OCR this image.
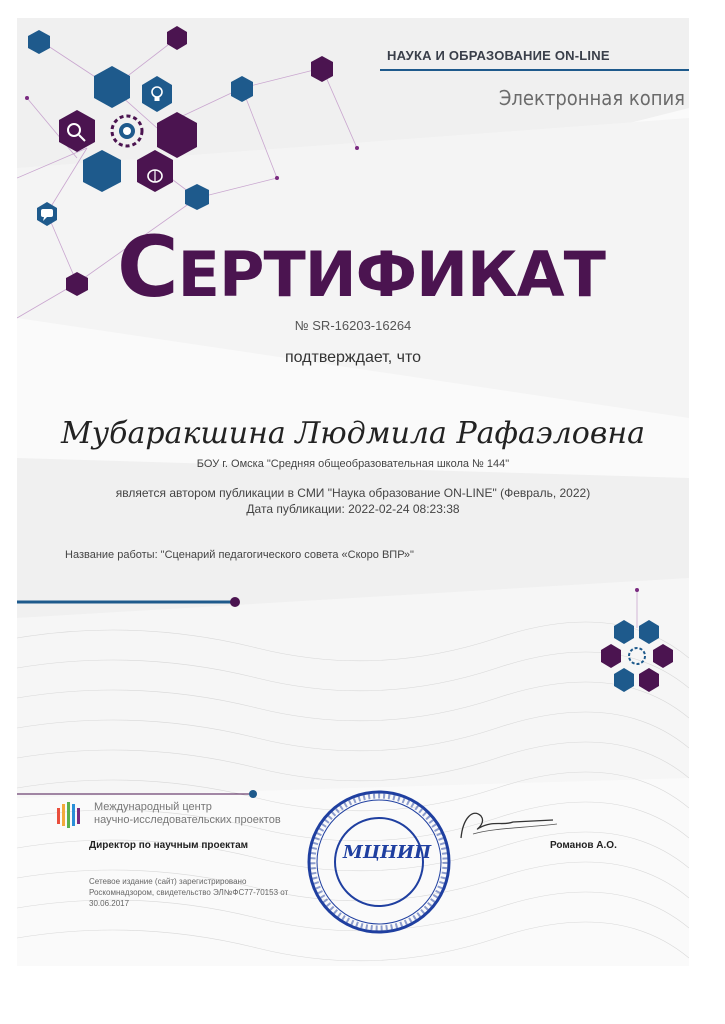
НАУКА И ОБРАЗОВАНИЕ ON-LINE
Электронная копия
СЕРТИФИКАТ
№ SR-16203-16264
подтверждает, что
Мубаракшина Людмила Рафаэловна
БОУ г. Омска "Средняя общеобразовательная школа № 144"
является автором публикации в СМИ "Наука образование ON-LINE" (Февраль, 2022)
Дата публикации: 2022-02-24 08:23:38
Название работы: "Сценарий педагогического совета «Скоро ВПР»"
Международный центр
научно-исследовательских проектов
Директор по научным проектам
Сетевое издание (сайт) зарегистрировано Роскомнадзором, свидетельство ЭЛ№ФС77-70153 от 30.06.2017
МЦНИП	Романов А.О.
